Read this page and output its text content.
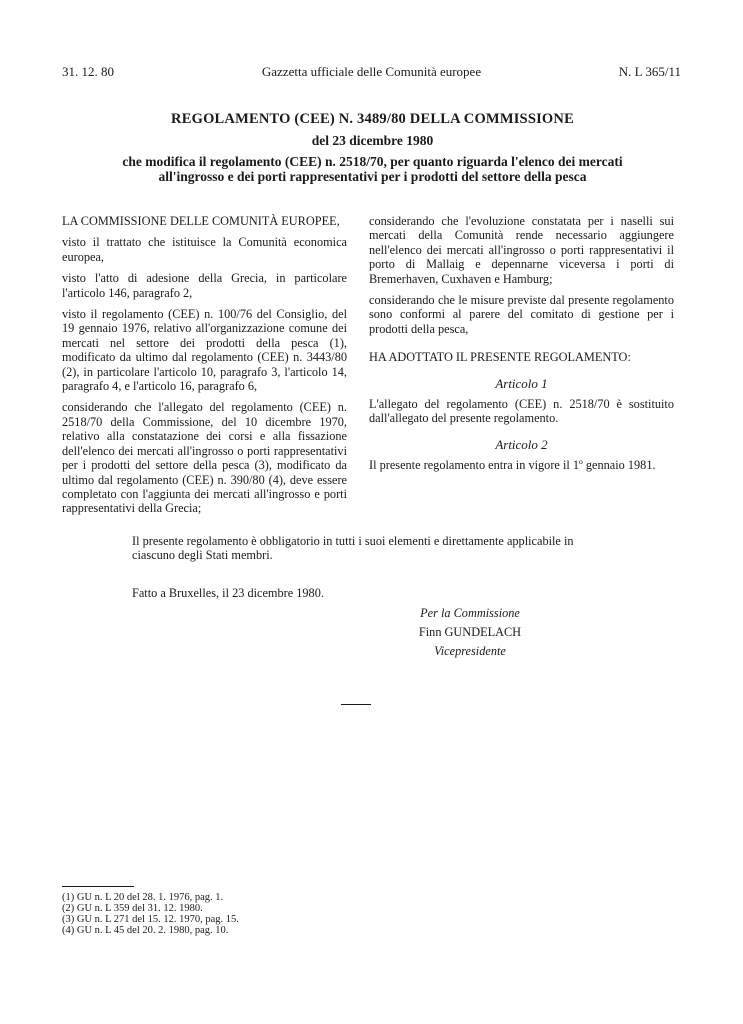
31. 12. 80	Gazzetta ufficiale delle Comunità europee	N. L 365/11
REGOLAMENTO (CEE) N. 3489/80 DELLA COMMISSIONE
del 23 dicembre 1980
che modifica il regolamento (CEE) n. 2518/70, per quanto riguarda l'elenco dei mercati all'ingrosso e dei porti rappresentativi per i prodotti del settore della pesca

LA COMMISSIONE DELLE COMUNITÀ EUROPEE,

visto il trattato che istituisce la Comunità economica europea,

visto l'atto di adesione della Grecia, in particolare l'articolo 146, paragrafo 2,

visto il regolamento (CEE) n. 100/76 del Consiglio, del 19 gennaio 1976, relativo all'organizzazione comune dei mercati nel settore dei prodotti della pesca (1), modificato da ultimo dal regolamento (CEE) n. 3443/80 (2), in particolare l'articolo 10, paragrafo 3, l'articolo 14, paragrafo 4, e l'articolo 16, paragrafo 6,

considerando che l'allegato del regolamento (CEE) n. 2518/70 della Commissione, del 10 dicembre 1970, relativo alla constatazione dei corsi e alla fissazione dell'elenco dei mercati all'ingrosso o porti rappresentativi per i prodotti del settore della pesca (3), modificato da ultimo dal regolamento (CEE) n. 390/80 (4), deve essere completato con l'aggiunta dei mercati all'ingrosso e porti rappresentativi della Grecia;

considerando che l'evoluzione constatata per i naselli sui mercati della Comunità rende necessario aggiungere nell'elenco dei mercati all'ingrosso o porti rappresentativi il porto di Mallaig e depennarne viceversa i porti di Bremerhaven, Cuxhaven e Hamburg;

considerando che le misure previste dal presente regolamento sono conformi al parere del comitato di gestione per i prodotti della pesca,

HA ADOTTATO IL PRESENTE REGOLAMENTO:

Articolo 1

L'allegato del regolamento (CEE) n. 2518/70 è sostituito dall'allegato del presente regolamento.

Articolo 2

Il presente regolamento entra in vigore il 1º gennaio 1981.

Il presente regolamento è obbligatorio in tutti i suoi elementi e direttamente applicabile in ciascuno degli Stati membri.
Fatto a Bruxelles, il 23 dicembre 1980.
Per la Commissione
Finn GUNDELACH
Vicepresidente
(1) GU n. L 20 del 28. 1. 1976, pag. 1.
(2) GU n. L 359 del 31. 12. 1980.
(3) GU n. L 271 del 15. 12. 1970, pag. 15.
(4) GU n. L 45 del 20. 2. 1980, pag. 10.
